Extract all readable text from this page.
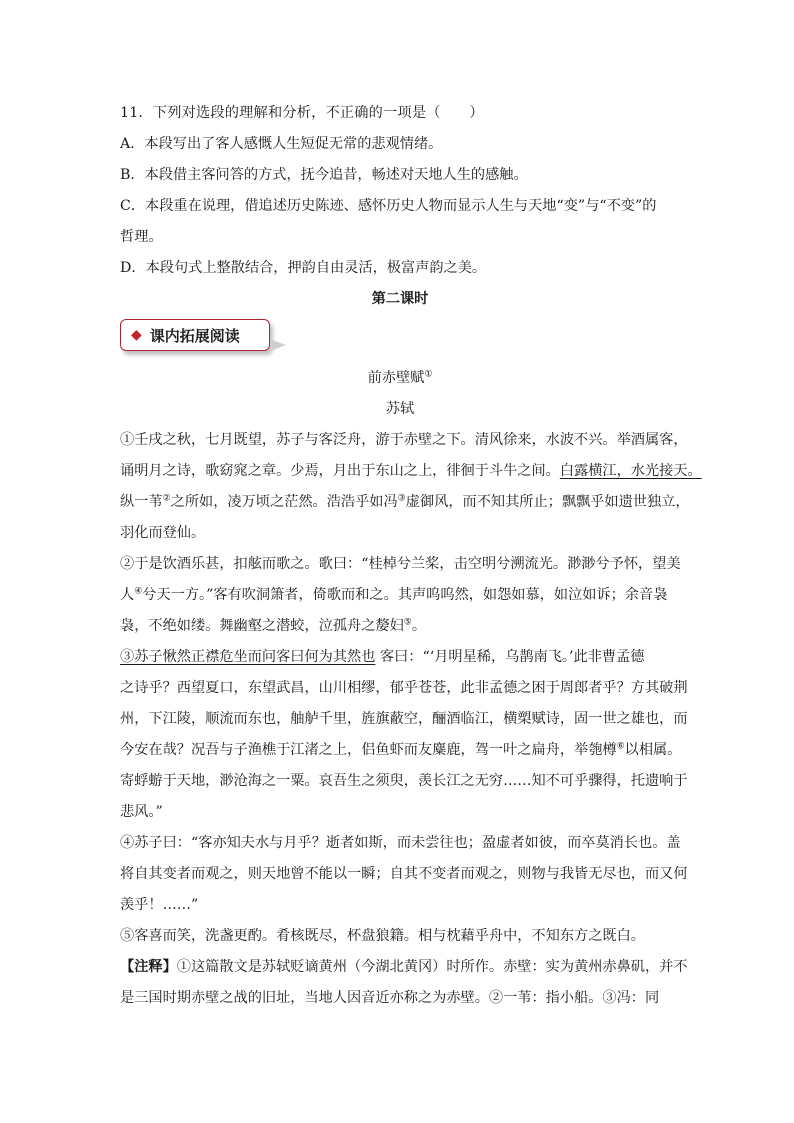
11．下列对选段的理解和分析，不正确的一项是（　　）
A．本段写出了客人感慨人生短促无常的悲观情绪。
B．本段借主客问答的方式，抚今追昔，畅述对天地人生的感触。
C．本段重在说理，借追述历史陈迹、感怀历史人物而显示人生与天地“变”与“不变”的
哲理。
D．本段句式上整散结合，押韵自由灵活，极富声韵之美。
第二课时
◆ 课内拓展阅读
前赤壁赋①
苏轼
①壬戌之秋，七月既望，苏子与客泛舟，游于赤壁之下。清风徐来，水波不兴。举酒属客，
诵明月之诗，歌窈窕之章。少焉，月出于东山之上，徘徊于斗牛之间。白露横江，水光接天。
纵一苇②之所如，凌万顷之茫然。浩浩乎如冯③虚御风，而不知其所止；飘飘乎如遗世独立，
羽化而登仙。
②于是饮酒乐甚，扣舷而歌之。歌曰：“桂棹兮兰桨，击空明兮溯流光。渺渺兮予怀，望美
人④兮天一方。”客有吹洞箫者，倚歌而和之。其声呜呜然，如怨如慕，如泣如诉；余音袅
袅，不绝如缕。舞幽壑之潜蛟，泣孤舟之嫠妇⑤。
③苏子愀然正襟危坐而问客曰何为其然也 客曰：“‘月明星稀，乌鹊南飞。’此非曹孟德
之诗乎？西望夏口，东望武昌，山川相缪，郁乎苍苍，此非孟德之困于周郎者乎？方其破荆
州，下江陵，顺流而东也，舳舻千里，旌旗蔽空，酾酒临江，横槊赋诗，固一世之雄也，而
今安在哉？况吾与子渔樵于江渚之上，侣鱼虾而友麋鹿，驾一叶之扁舟，举匏樽⑥以相属。
寄蜉蝣于天地，渺沧海之一粟。哀吾生之须臾，羡长江之无穷……知不可乎骤得，托遗响于
悲风。”
④苏子曰：“客亦知夫水与月乎？逝者如斯，而未尝往也；盈虚者如彼，而卒莫消长也。盖
将自其变者而观之，则天地曾不能以一瞬；自其不变者而观之，则物与我皆无尽也，而又何
羡乎！……”
⑤客喜而笑，洗盏更酌。肴核既尽，杯盘狼籍。相与枕藉乎舟中，不知东方之既白。
【注释】①这篇散文是苏轼贬谪黄州（今湖北黄冈）时所作。赤壁：实为黄州赤鼻矶，并不
是三国时期赤壁之战的旧址，当地人因音近亦称之为赤壁。②一苇：指小船。③冯：同
